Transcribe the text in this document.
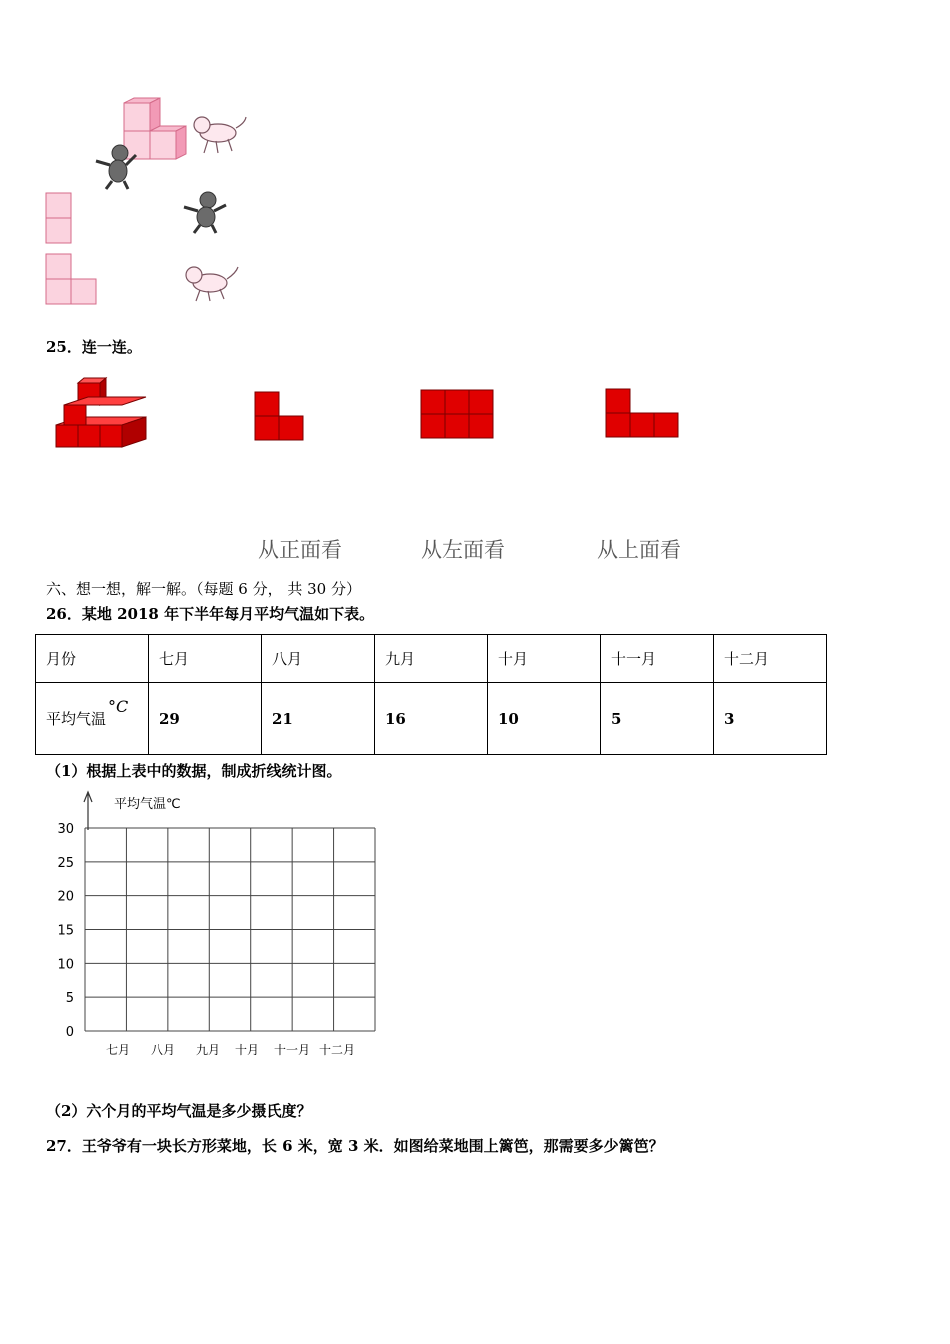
25．连一连。
从正面看	从左面看	从上面看
六、想一想，解一解。（每题 6 分， 共 30 分）
26．某地 2018 年下半年每月平均气温如下表。
月份	七月	八月	九月	十月	十一月	十二月
平均气温°C	29	21	16	10	5	3
（1）根据上表中的数据，制成折线统计图。
30
25
20
15
10
5
0
七月 八月 九月 十月 十一月 十二月
平均气温℃
（2）六个月的平均气温是多少摄氏度？
27．王爷爷有一块长方形菜地，长 6 米，宽 3 米．如图给菜地围上篱笆，那需要多少篱笆？
